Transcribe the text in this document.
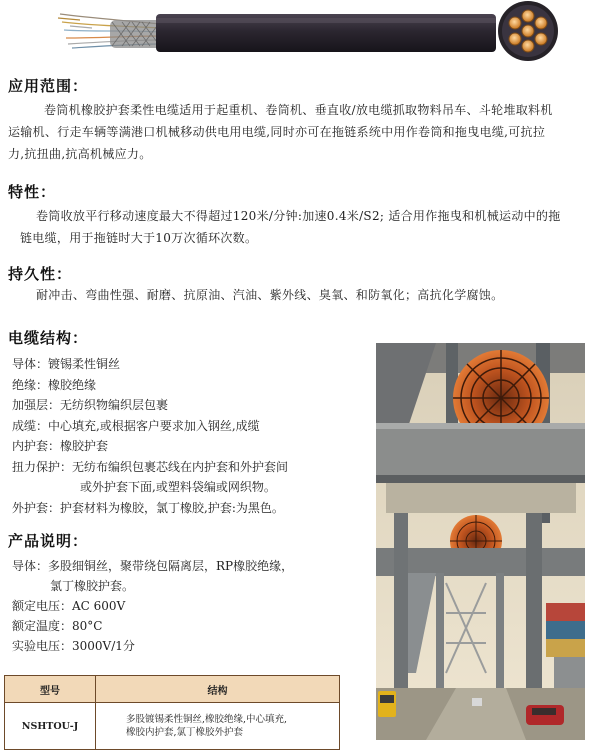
应用范围：
卷筒机橡胶护套柔性电缆适用于起重机、卷筒机、垂直收/放电缆抓取物料吊车、斗轮堆取料机
运输机、行走车辆等满港口机械移动供电用电缆,同时亦可在拖链系统中用作卷筒和拖曳电缆,可抗拉
力,抗扭曲,抗高机械应力。
特性：
卷筒收放平行移动速度最大不得超过120米/分钟:加速0.4米/S2; 适合用作拖曳和机械运动中的拖
链电缆，用于拖链时大于10万次循环次数。
持久性：
耐冲击、弯曲性强、耐磨、抗原油、汽油、紫外线、臭氧、和防氧化；高抗化学腐蚀。
电缆结构：
导体：镀锡柔性铜丝
绝缘：橡胶绝缘
加强层：无纺织物编织层包裹
成缆：中心填充,或根据客户要求加入钢丝,成缆
内护套：橡胶护套
扭力保护：无纺布编织包裹芯线在内护套和外护套间
或外护套下面,或塑料袋编或网织物。
外护套：护套材料为橡胶，氯丁橡胶,护套:为黑色。
产品说明：
导体：多股细铜丝，聚带绕包隔离层，RP橡胶绝缘，
氯丁橡胶护套。
额定电压：AC 600V
额定温度：80°C
实验电压：3000V/1分
型号	结构
NSHTOU-J	多股镀锡柔性铜丝,橡胶绝缘,中心填充,
橡胶内护套,氯丁橡胶外护套
